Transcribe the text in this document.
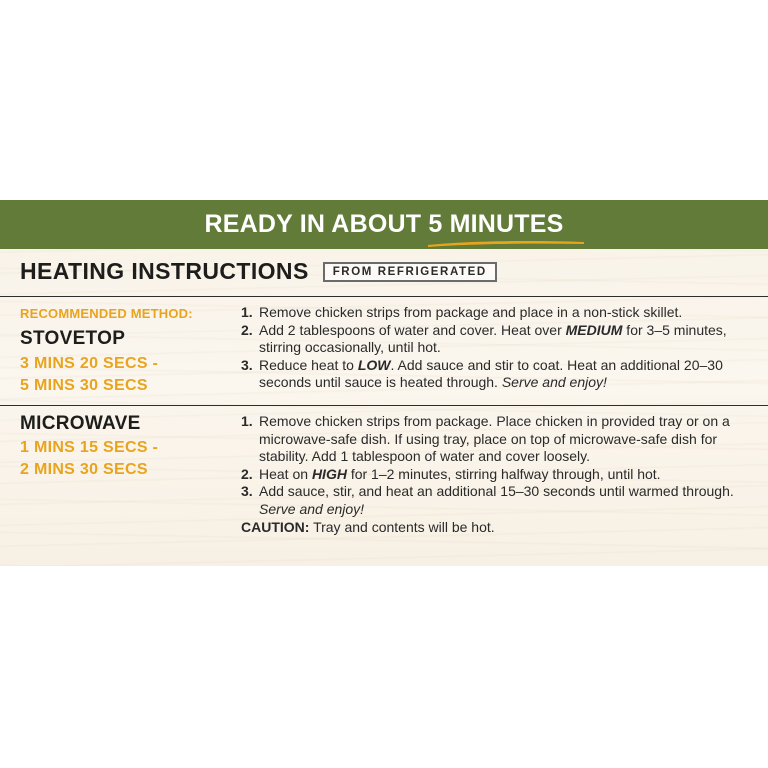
READY IN ABOUT 5 MINUTES
HEATING INSTRUCTIONS	FROM REFRIGERATED
RECOMMENDED METHOD:
STOVETOP
3 MINS 20 SECS -
5 MINS 30 SECS
1. Remove chicken strips from package and place in a non-stick skillet.
2. Add 2 tablespoons of water and cover. Heat over MEDIUM for 3–5 minutes, stirring occasionally, until hot.
3. Reduce heat to LOW. Add sauce and stir to coat. Heat an additional 20–30 seconds until sauce is heated through. Serve and enjoy!
MICROWAVE
1 MINS 15 SECS -
2 MINS 30 SECS
1. Remove chicken strips from package. Place chicken in provided tray or on a microwave-safe dish. If using tray, place on top of microwave-safe dish for stability. Add 1 tablespoon of water and cover loosely.
2. Heat on HIGH for 1–2 minutes, stirring halfway through, until hot.
3. Add sauce, stir, and heat an additional 15–30 seconds until warmed through. Serve and enjoy!
CAUTION: Tray and contents will be hot.
